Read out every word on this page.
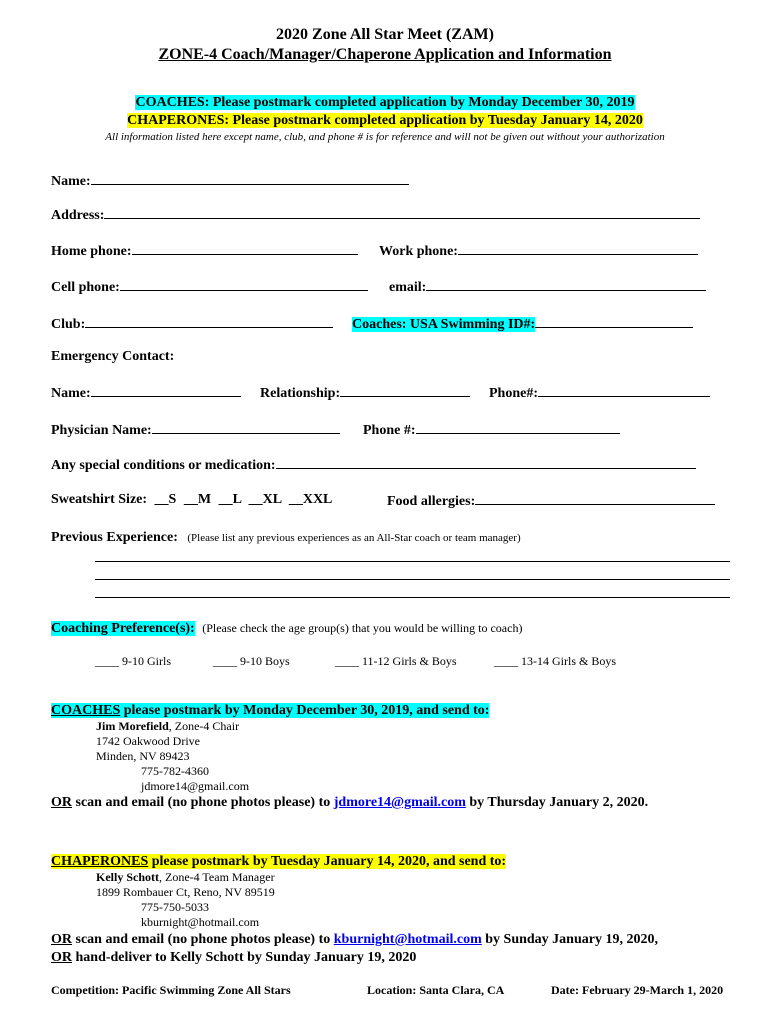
2020 Zone All Star Meet (ZAM)
ZONE-4 Coach/Manager/Chaperone Application and Information
COACHES: Please postmark completed application by Monday December 30, 2019
CHAPERONES: Please postmark completed application by Tuesday January 14, 2020
All information listed here except name, club, and phone # is for reference and will not be given out without your authorization
Name:
Address:
Home phone:	Work phone:
Cell phone:	email:
Club:	Coaches: USA Swimming ID#:
Emergency Contact:
Name:	Relationship:	Phone#:
Physician Name:	Phone #:
Any special conditions or medication:
Sweatshirt Size: __S __M __L __XL __XXL	Food allergies:
Previous Experience: (Please list any previous experiences as an All-Star coach or team manager)
Coaching Preference(s): (Please check the age group(s) that you would be willing to coach)
____ 9-10 Girls	____ 9-10 Boys	____ 11-12 Girls & Boys	____ 13-14 Girls & Boys
COACHES please postmark by Monday December 30, 2019, and send to:
Jim Morefield, Zone-4 Chair
1742 Oakwood Drive
Minden, NV 89423
775-782-4360
jdmore14@gmail.com
OR scan and email (no phone photos please) to jdmore14@gmail.com by Thursday January 2, 2020.
CHAPERONES please postmark by Tuesday January 14, 2020, and send to:
Kelly Schott, Zone-4 Team Manager
1899 Rombauer Ct, Reno, NV 89519
775-750-5033
kburnight@hotmail.com
OR scan and email (no phone photos please) to kburnight@hotmail.com by Sunday January 19, 2020,
OR hand-deliver to Kelly Schott by Sunday January 19, 2020
Competition: Pacific Swimming Zone All Stars	Location: Santa Clara, CA	Date: February 29-March 1, 2020
